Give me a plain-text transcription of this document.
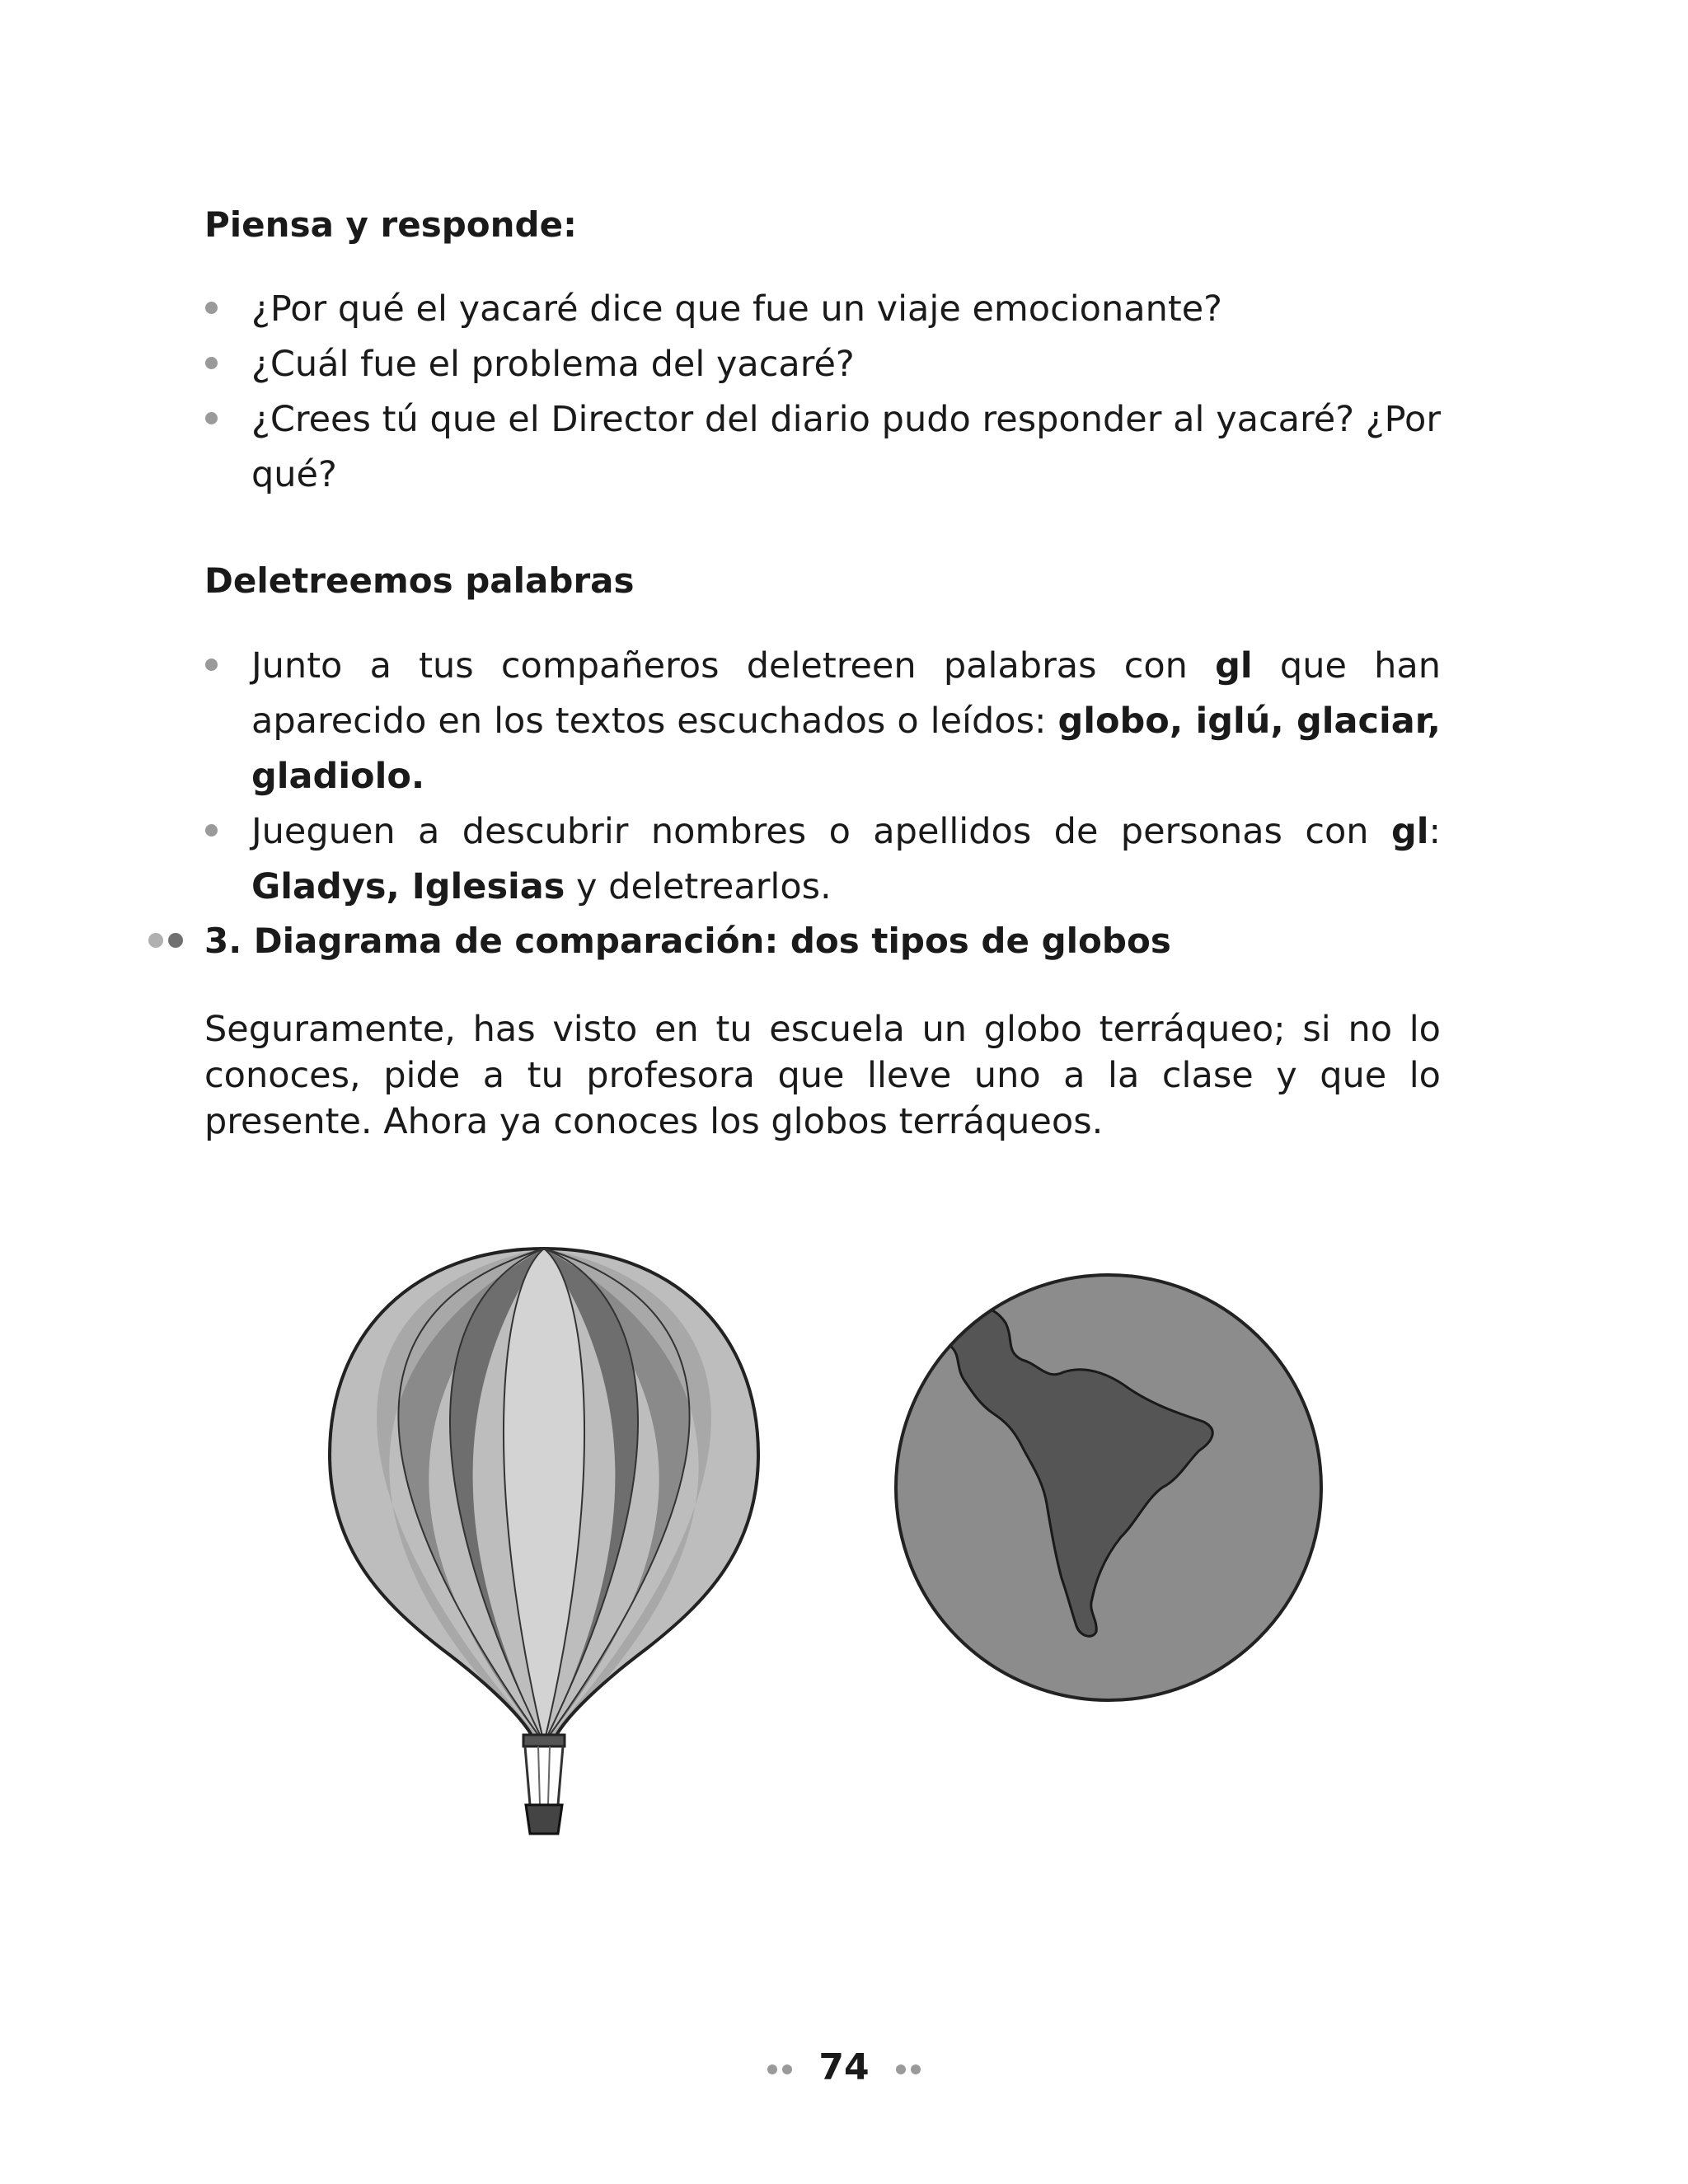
Piensa y responde:
¿Por qué el yacaré dice que fue un viaje emocionante?
¿Cuál fue el problema del yacaré?
¿Crees tú que el Director del diario pudo responder al yacaré? ¿Por qué?
Deletreemos palabras
Junto a tus compañeros deletreen palabras con gl que han aparecido en los textos escuchados o leídos: globo, iglú, glaciar, gladiolo.
Jueguen a descubrir nombres o apellidos de personas con gl: Gladys, Iglesias y deletrearlos.
3. Diagrama de comparación: dos tipos de globos

Seguramente, has visto en tu escuela un globo terráqueo; si no lo conoces, pide a tu profesora que lleve uno a la clase y que lo presente. Ahora ya conoces los globos terráqueos.

74
